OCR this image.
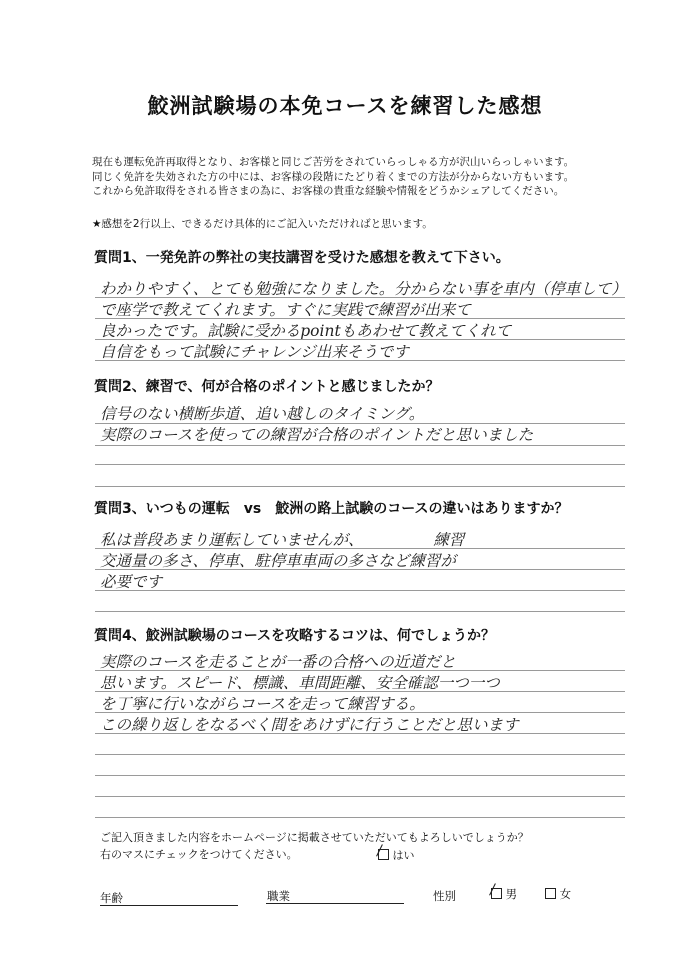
鮫洲試験場の本免コースを練習した感想
現在も運転免許再取得となり、お客様と同じご苦労をされていらっしゃる方が沢山いらっしゃいます。
同じく免許を失効された方の中には、お客様の段階にたどり着くまでの方法が分からない方もいます。
これから免許取得をされる皆さまの為に、お客様の貴重な経験や情報をどうかシェアしてください。
★感想を2行以上、できるだけ具体的にご記入いただければと思います。
質問1、一発免許の弊社の実技講習を受けた感想を教えて下さい。
わかりやすく、とても勉強になりました。分からない事を車内（停車して）
で座学で教えてくれます。すぐに実践で練習が出来て
良かったです。試験に受かるpointもあわせて教えてくれて
自信をもって試験にチャレンジ出来そうです
質問2、練習で、何が合格のポイントと感じましたか？
信号のない横断歩道、追い越しのタイミング。
実際のコースを使っての練習が合格のポイントだと思いました
質問3、いつもの運転　vs　鮫洲の路上試験のコースの違いはありますか？
私は普段あまり運転していませんが、　　　　　練習
交通量の多さ、停車、駐停車車両の多さなど練習が
必要です
質問4、鮫洲試験場のコースを攻略するコツは、何でしょうか？
実際のコースを走ることが一番の合格への近道だと
思います。スピード、標識、車間距離、安全確認一つ一つ
を丁寧に行いながらコースを走って練習する。
この繰り返しをなるべく間をあけずに行うことだと思います
ご記入頂きました内容をホームページに掲載させていただいてもよろしいでしょうか？
右のマスにチェックをつけてください。	/ はい
年齢	職業	性別 / 男	女
